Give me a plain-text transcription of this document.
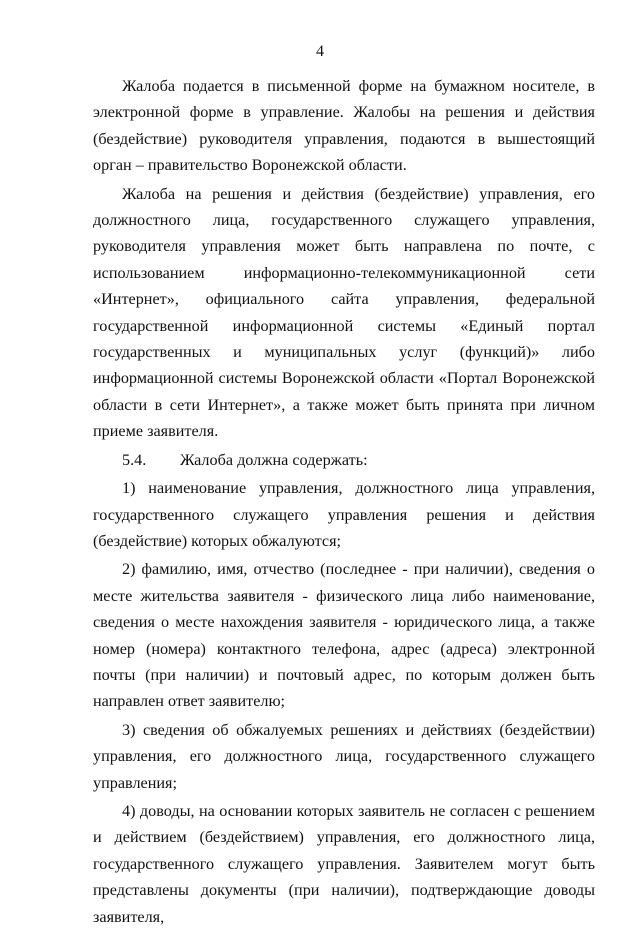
4

Жалоба подается в письменной форме на бумажном носителе, в электронной форме в управление. Жалобы на решения и действия (бездействие) руководителя управления, подаются в вышестоящий орган – правительство Воронежской области.

Жалоба на решения и действия (бездействие) управления, его должностного лица, государственного служащего управления, руководителя управления может быть направлена по почте, с использованием информационно-телекоммуникационной сети «Интернет», официального сайта управления, федеральной государственной информационной системы «Единый портал государственных и муниципальных услуг (функций)» либо информационной системы Воронежской области «Портал Воронежской области в сети Интернет», а также может быть принята при личном приеме заявителя.

5.4. Жалоба должна содержать:

1) наименование управления, должностного лица управления, государственного служащего управления решения и действия (бездействие) которых обжалуются;

2) фамилию, имя, отчество (последнее - при наличии), сведения о месте жительства заявителя - физического лица либо наименование, сведения о месте нахождения заявителя - юридического лица, а также номер (номера) контактного телефона, адрес (адреса) электронной почты (при наличии) и почтовый адрес, по которым должен быть направлен ответ заявителю;

3) сведения об обжалуемых решениях и действиях (бездействии) управления, его должностного лица, государственного служащего управления;

4) доводы, на основании которых заявитель не согласен с решением и действием (бездействием) управления, его должностного лица, государственного служащего управления. Заявителем могут быть представлены документы (при наличии), подтверждающие доводы заявителя,
